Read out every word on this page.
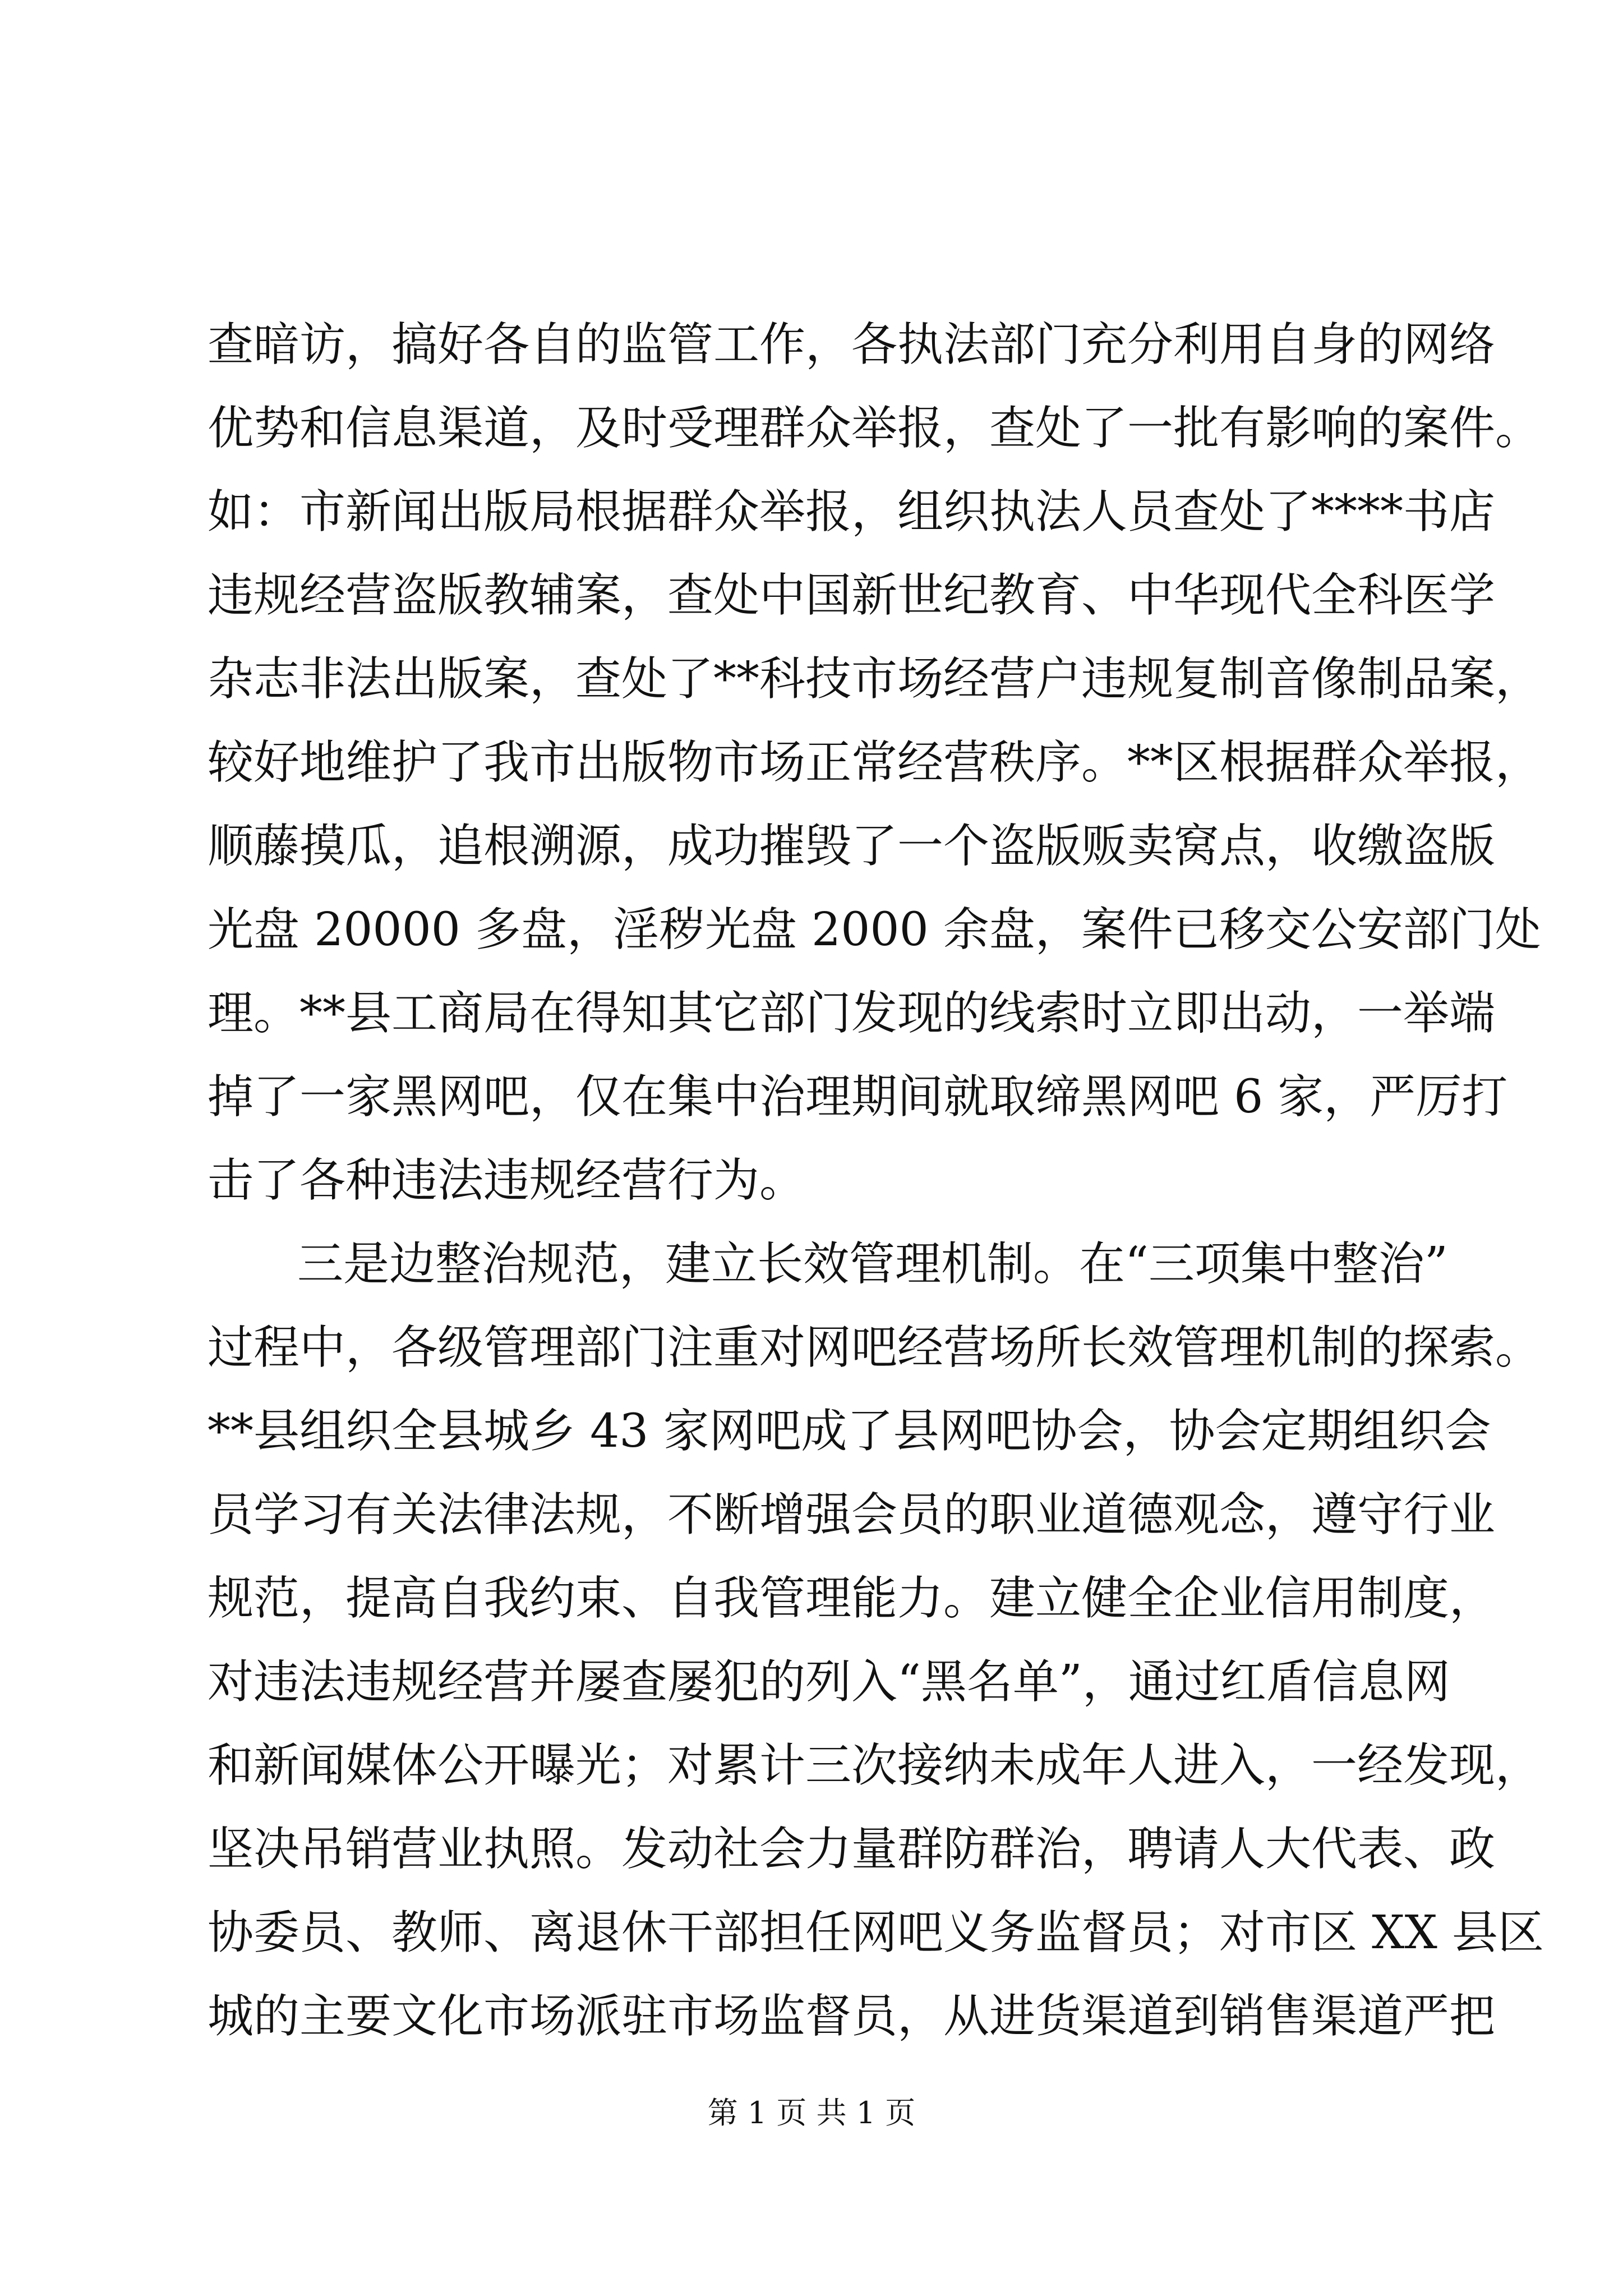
查暗访，搞好各自的监管工作，各执法部门充分利用自身的网络
优势和信息渠道，及时受理群众举报，查处了一批有影响的案件。
如：市新闻出版局根据群众举报，组织执法人员查处了****书店
违规经营盗版教辅案，查处中国新世纪教育、中华现代全科医学
杂志非法出版案，查处了**科技市场经营户违规复制音像制品案，
较好地维护了我市出版物市场正常经营秩序。**区根据群众举报，
顺藤摸瓜，追根溯源，成功摧毁了一个盗版贩卖窝点，收缴盗版
光盘 20000 多盘，淫秽光盘 2000 余盘，案件已移交公安部门处
理。**县工商局在得知其它部门发现的线索时立即出动，一举端
掉了一家黑网吧，仅在集中治理期间就取缔黑网吧 6 家，严厉打
击了各种违法违规经营行为。
三是边整治规范，建立长效管理机制。在“三项集中整治”
过程中，各级管理部门注重对网吧经营场所长效管理机制的探索。
**县组织全县城乡 43 家网吧成了县网吧协会，协会定期组织会
员学习有关法律法规，不断增强会员的职业道德观念，遵守行业
规范，提高自我约束、自我管理能力。建立健全企业信用制度，
对违法违规经营并屡查屡犯的列入“黑名单”，通过红盾信息网
和新闻媒体公开曝光；对累计三次接纳未成年人进入，一经发现，
坚决吊销营业执照。发动社会力量群防群治，聘请人大代表、政
协委员、教师、离退休干部担任网吧义务监督员；对市区 XX 县区
城的主要文化市场派驻市场监督员，从进货渠道到销售渠道严把
第 1 页 共 1 页
